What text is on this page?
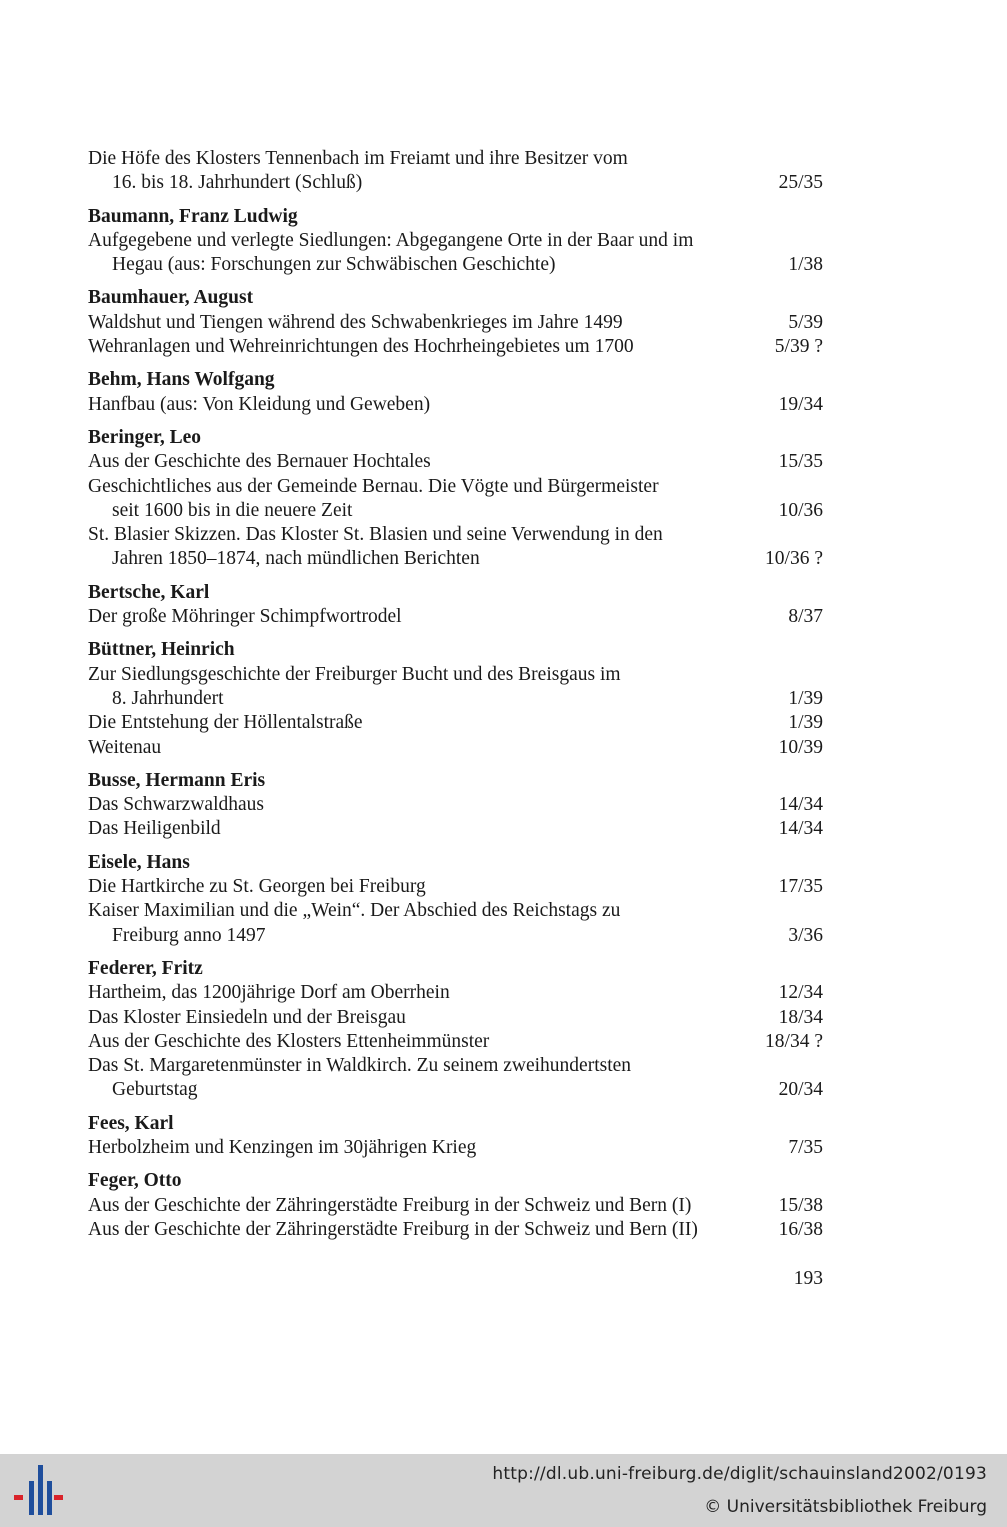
Die Höfe des Klosters Tennenbach im Freiamt und ihre Besitzer vom
16. bis 18. Jahrhundert (Schluß)	25/35
Baumann, Franz Ludwig
Aufgegebene und verlegte Siedlungen: Abgegangene Orte in der Baar und im
Hegau (aus: Forschungen zur Schwäbischen Geschichte)	1/38
Baumhauer, August
Waldshut und Tiengen während des Schwabenkrieges im Jahre 1499	5/39
Wehranlagen und Wehreinrichtungen des Hochrheingebietes um 1700	5/39 ?
Behm, Hans Wolfgang
Hanfbau (aus: Von Kleidung und Geweben)	19/34
Beringer, Leo
Aus der Geschichte des Bernauer Hochtales	15/35
Geschichtliches aus der Gemeinde Bernau. Die Vögte und Bürgermeister
seit 1600 bis in die neuere Zeit	10/36
St. Blasier Skizzen. Das Kloster St. Blasien und seine Verwendung in den
Jahren 1850–1874, nach mündlichen Berichten	10/36 ?
Bertsche, Karl
Der große Möhringer Schimpfwortrodel	8/37
Büttner, Heinrich
Zur Siedlungsgeschichte der Freiburger Bucht und des Breisgaus im
8. Jahrhundert	1/39
Die Entstehung der Höllentalstraße	1/39
Weitenau	10/39
Busse, Hermann Eris
Das Schwarzwaldhaus	14/34
Das Heiligenbild	14/34
Eisele, Hans
Die Hartkirche zu St. Georgen bei Freiburg	17/35
Kaiser Maximilian und die „Wein“. Der Abschied des Reichstags zu
Freiburg anno 1497	3/36
Federer, Fritz
Hartheim, das 1200jährige Dorf am Oberrhein	12/34
Das Kloster Einsiedeln und der Breisgau	18/34
Aus der Geschichte des Klosters Ettenheimmünster	18/34 ?
Das St. Margaretenmünster in Waldkirch. Zu seinem zweihundertsten
Geburtstag	20/34
Fees, Karl
Herbolzheim und Kenzingen im 30jährigen Krieg	7/35
Feger, Otto
Aus der Geschichte der Zähringerstädte Freiburg in der Schweiz und Bern (I)	15/38
Aus der Geschichte der Zähringerstädte Freiburg in der Schweiz und Bern (II)	16/38
193
http://dl.ub.uni-freiburg.de/diglit/schauinsland2002/0193
© Universitätsbibliothek Freiburg
